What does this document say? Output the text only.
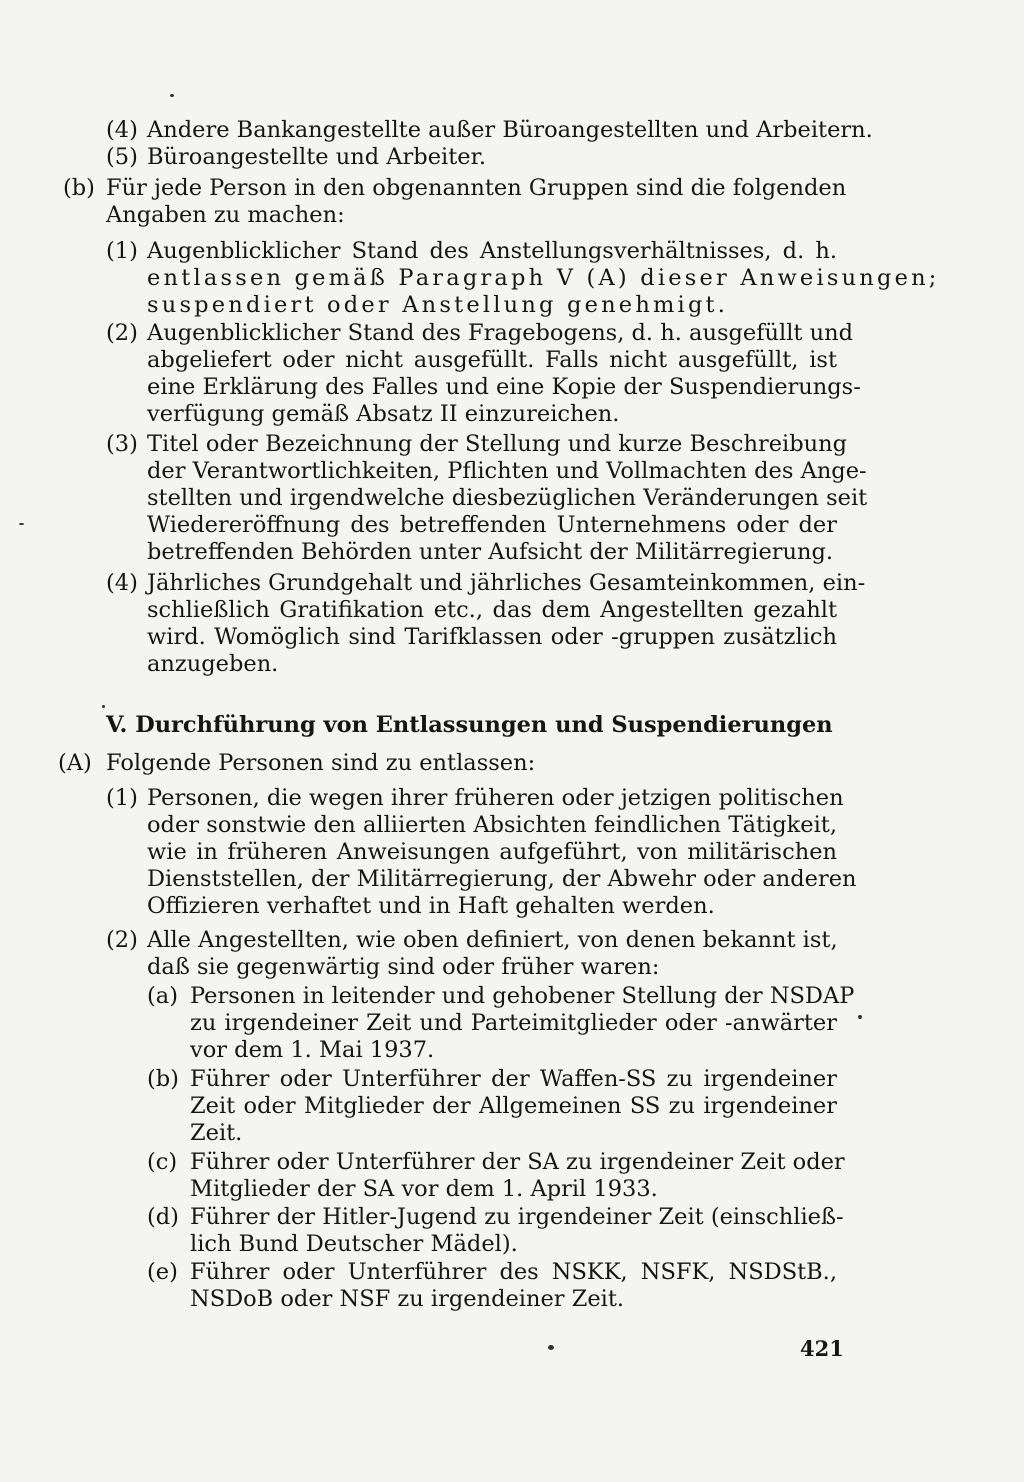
(4) Andere Bankangestellte außer Büroangestellten und Arbeitern.
(5) Büroangestellte und Arbeiter.
(b) Für jede Person in den obgenannten Gruppen sind die folgenden
Angaben zu machen:
(1) Augenblicklicher Stand des Anstellungsverhältnisses, d. h.
entlassen gemäß Paragraph V (A) dieser Anweisungen;
suspendiert oder Anstellung genehmigt.
(2) Augenblicklicher Stand des Fragebogens, d. h. ausgefüllt und
abgeliefert oder nicht ausgefüllt. Falls nicht ausgefüllt, ist
eine Erklärung des Falles und eine Kopie der Suspendierungs-
verfügung gemäß Absatz II einzureichen.
(3) Titel oder Bezeichnung der Stellung und kurze Beschreibung
der Verantwortlichkeiten, Pflichten und Vollmachten des Ange-
stellten und irgendwelche diesbezüglichen Veränderungen seit
Wiedereröffnung des betreffenden Unternehmens oder der
betreffenden Behörden unter Aufsicht der Militärregierung.
(4) Jährliches Grundgehalt und jährliches Gesamteinkommen, ein-
schließlich Gratifikation etc., das dem Angestellten gezahlt
wird. Womöglich sind Tarifklassen oder -gruppen zusätzlich
anzugeben.
V. Durchführung von Entlassungen und Suspendierungen
(A) Folgende Personen sind zu entlassen:
(1) Personen, die wegen ihrer früheren oder jetzigen politischen
oder sonstwie den alliierten Absichten feindlichen Tätigkeit,
wie in früheren Anweisungen aufgeführt, von militärischen
Dienststellen, der Militärregierung, der Abwehr oder anderen
Offizieren verhaftet und in Haft gehalten werden.
(2) Alle Angestellten, wie oben definiert, von denen bekannt ist,
daß sie gegenwärtig sind oder früher waren:
(a) Personen in leitender und gehobener Stellung der NSDAP
zu irgendeiner Zeit und Parteimitglieder oder -anwärter
vor dem 1. Mai 1937.
(b) Führer oder Unterführer der Waffen-SS zu irgendeiner
Zeit oder Mitglieder der Allgemeinen SS zu irgendeiner
Zeit.
(c) Führer oder Unterführer der SA zu irgendeiner Zeit oder
Mitglieder der SA vor dem 1. April 1933.
(d) Führer der Hitler-Jugend zu irgendeiner Zeit (einschließ-
lich Bund Deutscher Mädel).
(e) Führer oder Unterführer des NSKK, NSFK, NSDStB.,
NSDoB oder NSF zu irgendeiner Zeit.
421
